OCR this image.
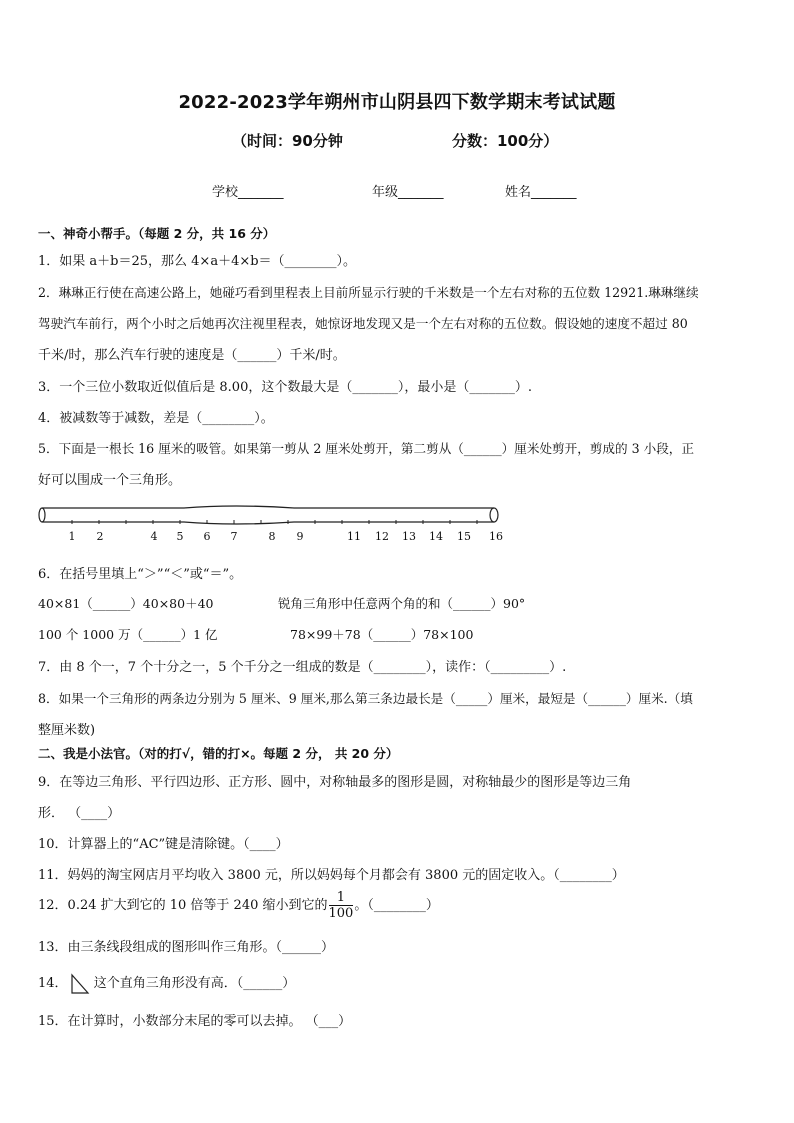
2022-2023学年朔州市山阴县四下数学期末考试试题
（时间：90分钟	分数：100分）
学校_______	年级_______	姓名_______
一、神奇小帮手。（每题 2 分，共 16 分）
1．如果 a＋b＝25，那么 4×a＋4×b＝（________）。
2．琳琳正行使在高速公路上，她碰巧看到里程表上目前所显示行驶的千米数是一个左右对称的五位数 12921.琳琳继续
驾驶汽车前行，两个小时之后她再次注视里程表，她惊讶地发现又是一个左右对称的五位数。假设她的速度不超过 80
千米/时，那么汽车行驶的速度是（______）千米/时。
3．一个三位小数取近似值后是 8.00，这个数最大是（_______），最小是（_______）.
4．被减数等于减数，差是（________）。
5．下面是一根长 16 厘米的吸管。如果第一剪从 2 厘米处剪开，第二剪从（______）厘米处剪开，剪成的 3 小段，正
好可以围成一个三角形。
1 2	4 5 6 7	8 9	11 12 13 14 15 16
6．在括号里填上“＞”“＜”或“＝”。
40×81（______）40×80＋40	锐角三角形中任意两个角的和（______）90°
100 个 1000 万（______）1 亿	78×99＋78（______）78×100
7．由 8 个一，7 个十分之一，5 个千分之一组成的数是（________），读作：（_________）.
8．如果一个三角形的两条边分别为 5 厘米、9 厘米,那么第三条边最长是（_____）厘米，最短是（______）厘米.（填
整厘米数)
二、我是小法官。（对的打√，错的打×。每题 2 分， 共 20 分）
9．在等边三角形、平行四边形、正方形、圆中，对称轴最多的图形是圆，对称轴最少的图形是等边三角
形． （____）
10．计算器上的“AC”键是清除键。（____）
11．妈妈的淘宝网店月平均收入 3800 元，所以妈妈每个月都会有 3800 元的固定收入。（________）
12．0.24 扩大到它的 10 倍等于 240 缩小到它的 $\frac{1}{100}$ 。（________）
13．由三条线段组成的图形叫作三角形。（______）
14． 这个直角三角形没有高．（______）
15．在计算时，小数部分末尾的零可以去掉。 （___）
